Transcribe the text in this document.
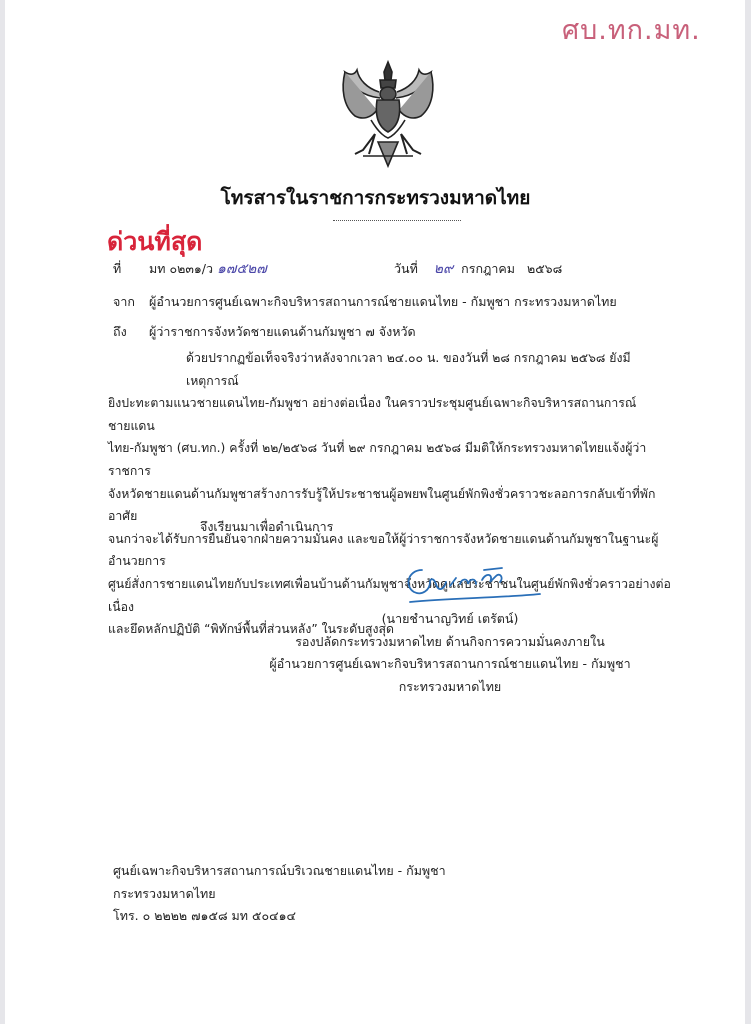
ศบ.ทก.มท.
โทรสารในราชการกระทรวงมหาดไทย
ด่วนที่สุด
ที่ มท ๐๒๓๑/ว ๑๗๕๒๗	วันที่ ๒๙ กรกฎาคม ๒๕๖๘
จาก ผู้อำนวยการศูนย์เฉพาะกิจบริหารสถานการณ์ชายแดนไทย - กัมพูชา กระทรวงมหาดไทย
ถึง ผู้ว่าราชการจังหวัดชายแดนด้านกัมพูชา ๗ จังหวัด

ด้วยปรากฏข้อเท็จจริงว่าหลังจากเวลา ๒๔.๐๐ น. ของวันที่ ๒๘ กรกฎาคม ๒๕๖๘ ยังมีเหตุการณ์

ยิงปะทะตามแนวชายแดนไทย-กัมพูชา อย่างต่อเนื่อง ในคราวประชุมศูนย์เฉพาะกิจบริหารสถานการณ์ชายแดน

ไทย-กัมพูชา (ศบ.ทก.) ครั้งที่ ๒๒/๒๕๖๘ วันที่ ๒๙ กรกฎาคม ๒๕๖๘ มีมติให้กระทรวงมหาดไทยแจ้งผู้ว่าราชการ

จังหวัดชายแดนด้านกัมพูชาสร้างการรับรู้ให้ประชาชนผู้อพยพในศูนย์พักพิงชั่วคราวชะลอการกลับเข้าที่พักอาศัย

จนกว่าจะได้รับการยืนยันจากฝ่ายความมั่นคง และขอให้ผู้ว่าราชการจังหวัดชายแดนด้านกัมพูชาในฐานะผู้อำนวยการ

ศูนย์สั่งการชายแดนไทยกับประเทศเพื่อนบ้านด้านกัมพูชาจังหวัดดูแลประชาชนในศูนย์พักพิงชั่วคราวอย่างต่อเนื่อง

และยึดหลักปฏิบัติ “พิทักษ์พื้นที่ส่วนหลัง” ในระดับสูงสุด

จึงเรียนมาเพื่อดำเนินการ
(นายชำนาญวิทย์ เตรัตน์)
รองปลัดกระทรวงมหาดไทย ด้านกิจการความมั่นคงภายใน
ผู้อำนวยการศูนย์เฉพาะกิจบริหารสถานการณ์ชายแดนไทย - กัมพูชา
กระทรวงมหาดไทย
ศูนย์เฉพาะกิจบริหารสถานการณ์บริเวณชายแดนไทย - กัมพูชา
กระทรวงมหาดไทย
โทร. ๐ ๒๒๒๒ ๗๑๕๘ มท ๕๐๔๑๔
